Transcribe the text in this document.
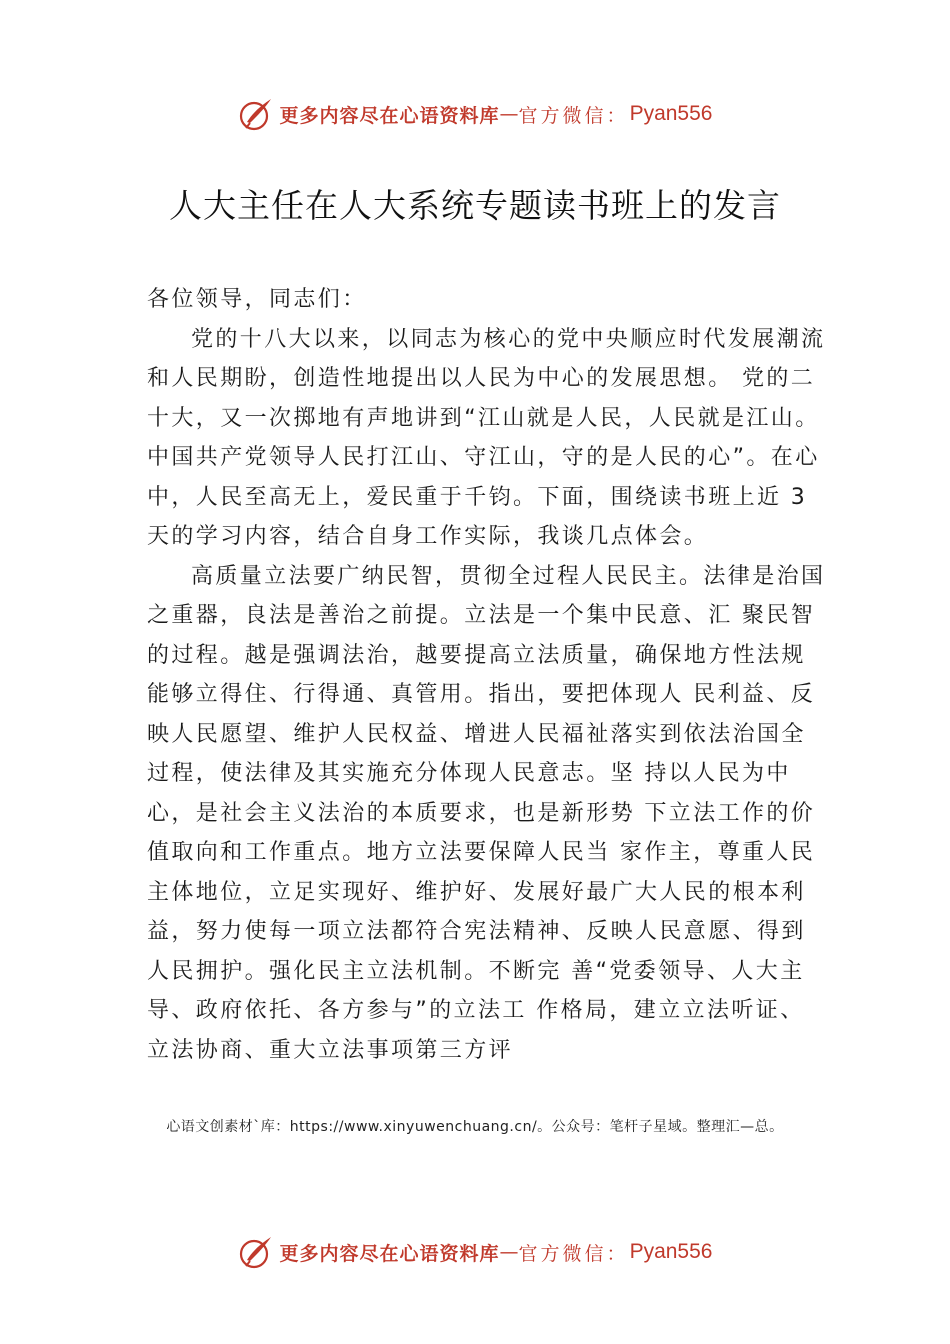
更多内容尽在心语资料库 — 官方微信 ： Pyan556
人大主任在人大系统专题读书班上的发言

各位领导，同志们：

党的十八大以来，以同志为核心的党中央顺应时代发展潮流和人民期盼，创造性地提出以人民为中心的发展思想。 党的二十大，又一次掷地有声地讲到“江山就是人民，人民就是江山。中国共产党领导人民打江山、守江山，守的是人民的心”。在心中，人民至高无上，爱民重于千钧。下面，围绕读书班上近 3 天的学习内容，结合自身工作实际，我谈几点体会。

高质量立法要广纳民智，贯彻全过程人民民主。法律是治国之重器，良法是善治之前提。立法是一个集中民意、汇 聚民智的过程。越是强调法治，越要提高立法质量，确保地方性法规能够立得住、行得通、真管用。指出，要把体现人 民利益、反映人民愿望、维护人民权益、增进人民福祉落实到依法治国全过程，使法律及其实施充分体现人民意志。坚 持以人民为中心，是社会主义法治的本质要求，也是新形势 下立法工作的价值取向和工作重点。地方立法要保障人民当 家作主，尊重人民主体地位，立足实现好、维护好、发展好最广大人民的根本利益，努力使每一项立法都符合宪法精神、反映人民意愿、得到人民拥护。强化民主立法机制。不断完 善“党委领导、人大主导、政府依托、各方参与”的立法工 作格局，建立立法听证、立法协商、重大立法事项第三方评

心语文创素材`库：https://www.xinyuwenchuang.cn/。公众号：笔杆子星域。整理汇—总。
更多内容尽在心语资料库 — 官方微信 ： Pyan556
